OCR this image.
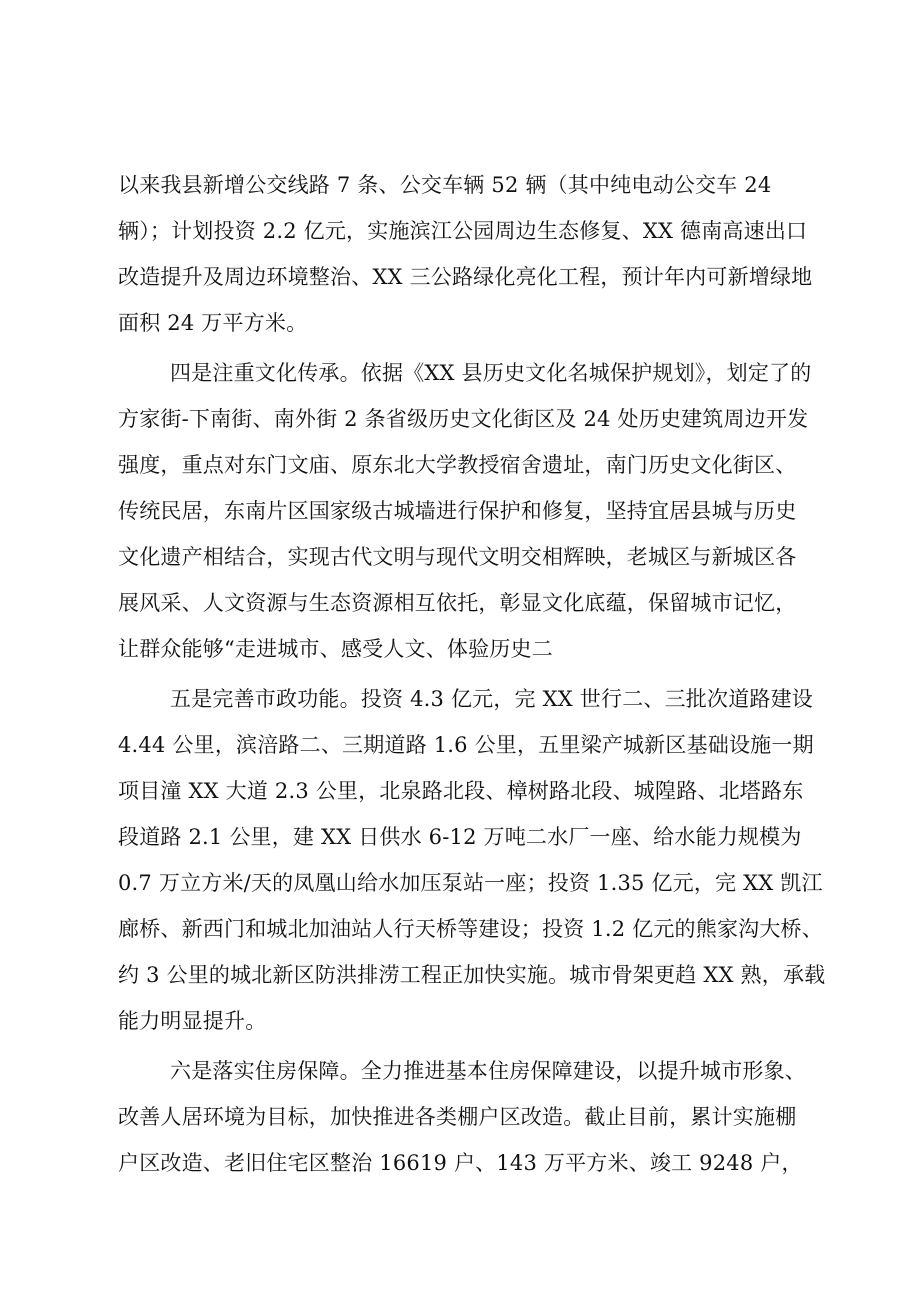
以来我县新增公交线路 7 条、公交车辆 52 辆（其中纯电动公交车 24
辆）；计划投资 2.2 亿元，实施滨江公园周边生态修复、XX 德南高速出口
改造提升及周边环境整治、XX 三公路绿化亮化工程，预计年内可新增绿地
面积 24 万平方米。
四是注重文化传承。依据《XX 县历史文化名城保护规划》，划定了的
方家街-下南街、南外街 2 条省级历史文化街区及 24 处历史建筑周边开发
强度，重点对东门文庙、原东北大学教授宿舍遗址，南门历史文化街区、
传统民居，东南片区国家级古城墙进行保护和修复，坚持宜居县城与历史
文化遗产相结合，实现古代文明与现代文明交相辉映，老城区与新城区各
展风采、人文资源与生态资源相互依托，彰显文化底蕴，保留城市记忆，
让群众能够“走进城市、感受人文、体验历史二
五是完善市政功能。投资 4.3 亿元，完 XX 世行二、三批次道路建设
4.44 公里，滨涪路二、三期道路 1.6 公里，五里梁产城新区基础设施一期
项目潼 XX 大道 2.3 公里，北泉路北段、樟树路北段、城隍路、北塔路东
段道路 2.1 公里，建 XX 日供水 6-12 万吨二水厂一座、给水能力规模为
0.7 万立方米/天的凤凰山给水加压泵站一座；投资 1.35 亿元，完 XX 凯江
廊桥、新西门和城北加油站人行天桥等建设；投资 1.2 亿元的熊家沟大桥、
约 3 公里的城北新区防洪排涝工程正加快实施。城市骨架更趋 XX 熟，承载
能力明显提升。
六是落实住房保障。全力推进基本住房保障建设，以提升城市形象、
改善人居环境为目标，加快推进各类棚户区改造。截止目前，累计实施棚
户区改造、老旧住宅区整治 16619 户、143 万平方米、竣工 9248 户，
